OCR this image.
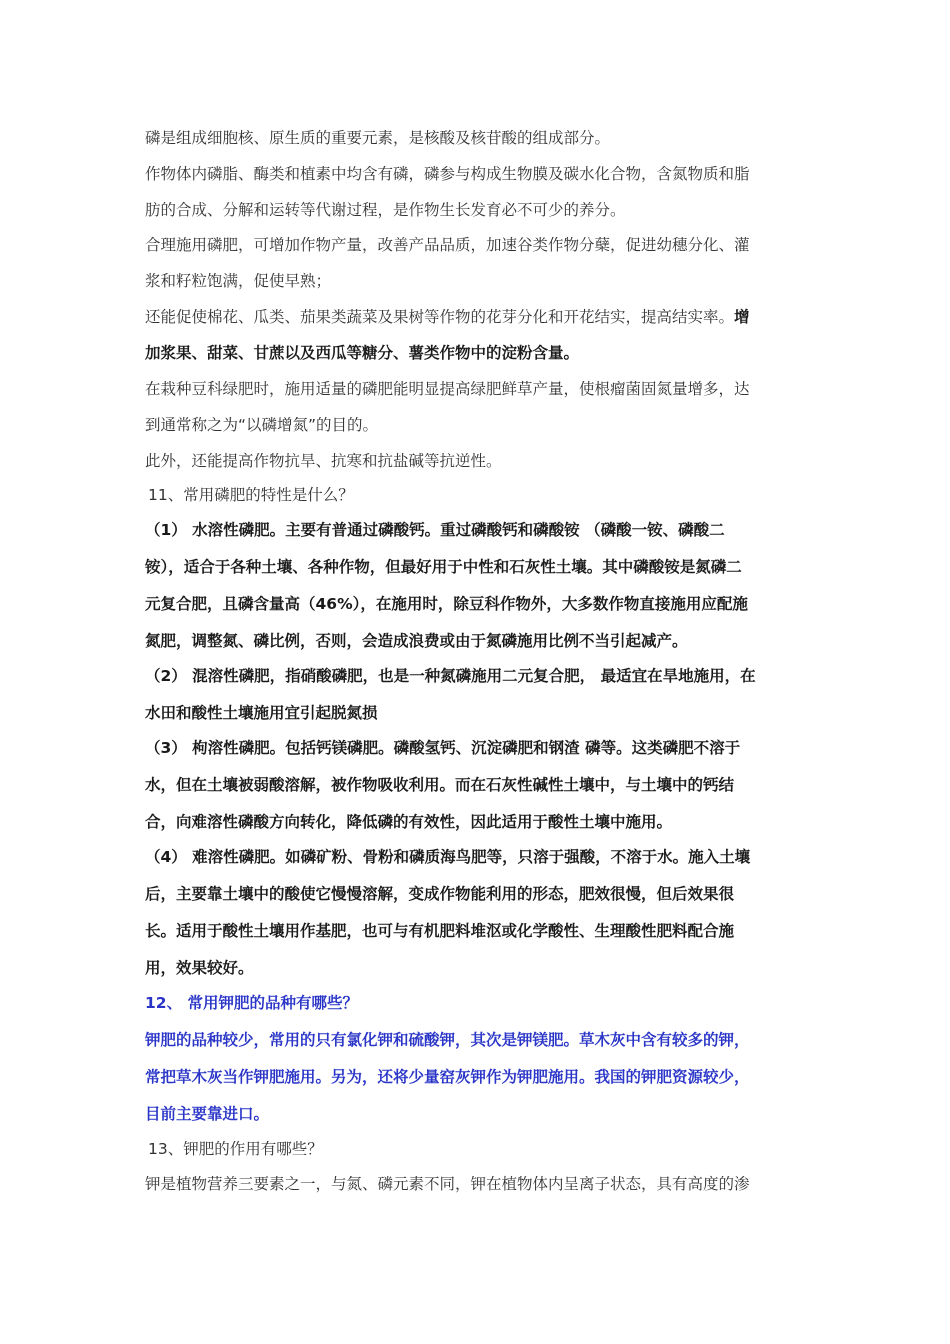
磷是组成细胞核、原生质的重要元素，是核酸及核苷酸的组成部分。
作物体内磷脂、酶类和植素中均含有磷，磷参与构成生物膜及碳水化合物，含氮物质和脂
肪的合成、分解和运转等代谢过程，是作物生长发育必不可少的养分。
合理施用磷肥，可增加作物产量，改善产品品质，加速谷类作物分蘖，促进幼穗分化、灌
浆和籽粒饱满，促使早熟；
还能促使棉花、瓜类、茄果类蔬菜及果树等作物的花芽分化和开花结实，提高结实率。增
加浆果、甜菜、甘蔗以及西瓜等糖分、薯类作物中的淀粉含量。
在栽种豆科绿肥时，施用适量的磷肥能明显提高绿肥鲜草产量，使根瘤菌固氮量增多，达
到通常称之为“以磷增氮”的目的。
此外，还能提高作物抗旱、抗寒和抗盐碱等抗逆性。
11、常用磷肥的特性是什么？
（1） 水溶性磷肥。主要有普通过磷酸钙。重过磷酸钙和磷酸铵 （磷酸一铵、磷酸二
铵），适合于各种土壤、各种作物，但最好用于中性和石灰性土壤。其中磷酸铵是氮磷二
元复合肥，且磷含量高（46%），在施用时，除豆科作物外，大多数作物直接施用应配施
氮肥，调整氮、磷比例，否则，会造成浪费或由于氮磷施用比例不当引起减产。
（2） 混溶性磷肥，指硝酸磷肥，也是一种氮磷施用二元复合肥， 最适宜在旱地施用，在
水田和酸性土壤施用宜引起脱氮损
（3） 枸溶性磷肥。包括钙镁磷肥。磷酸氢钙、沉淀磷肥和钢渣 磷等。这类磷肥不溶于
水，但在土壤被弱酸溶解，被作物吸收利用。而在石灰性碱性土壤中，与土壤中的钙结
合，向难溶性磷酸方向转化，降低磷的有效性，因此适用于酸性土壤中施用。
（4） 难溶性磷肥。如磷矿粉、骨粉和磷质海鸟肥等，只溶于强酸，不溶于水。施入土壤
后，主要靠土壤中的酸使它慢慢溶解，变成作物能利用的形态，肥效很慢，但后效果很
长。适用于酸性土壤用作基肥，也可与有机肥料堆沤或化学酸性、生理酸性肥料配合施
用，效果较好。
12、 常用钾肥的品种有哪些？
钾肥的品种较少，常用的只有氯化钾和硫酸钾，其次是钾镁肥。草木灰中含有较多的钾，
常把草木灰当作钾肥施用。另为，还将少量窑灰钾作为钾肥施用。我国的钾肥资源较少，
目前主要靠进口。
13、钾肥的作用有哪些？
钾是植物营养三要素之一，与氮、磷元素不同，钾在植物体内呈离子状态，具有高度的渗
